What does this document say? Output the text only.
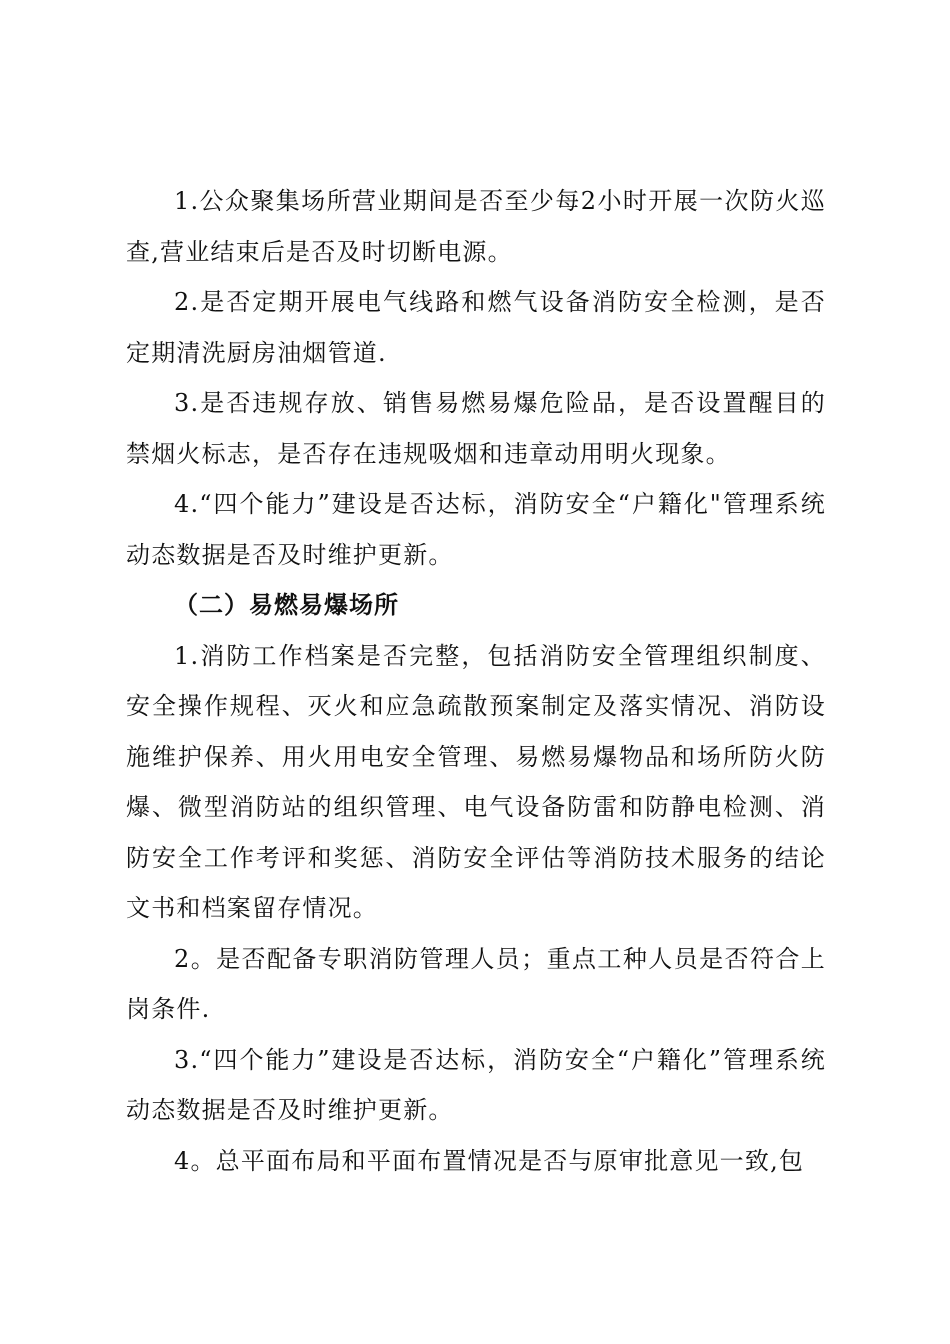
1.公众聚集场所营业期间是否至少每2小时开展一次防火巡查,营业结束后是否及时切断电源。

2.是否定期开展电气线路和燃气设备消防安全检测，是否定期清洗厨房油烟管道.

3.是否违规存放、销售易燃易爆危险品，是否设置醒目的禁烟火标志，是否存在违规吸烟和违章动用明火现象。

4.“四个能力”建设是否达标，消防安全“户籍化"管理系统动态数据是否及时维护更新。

（二）易燃易爆场所

1.消防工作档案是否完整，包括消防安全管理组织制度、安全操作规程、灭火和应急疏散预案制定及落实情况、消防设施维护保养、用火用电安全管理、易燃易爆物品和场所防火防爆、微型消防站的组织管理、电气设备防雷和防静电检测、消防安全工作考评和奖惩、消防安全评估等消防技术服务的结论文书和档案留存情况。

2。是否配备专职消防管理人员；重点工种人员是否符合上岗条件.

3.“四个能力”建设是否达标，消防安全“户籍化”管理系统动态数据是否及时维护更新。

4。总平面布局和平面布置情况是否与原审批意见一致,包
